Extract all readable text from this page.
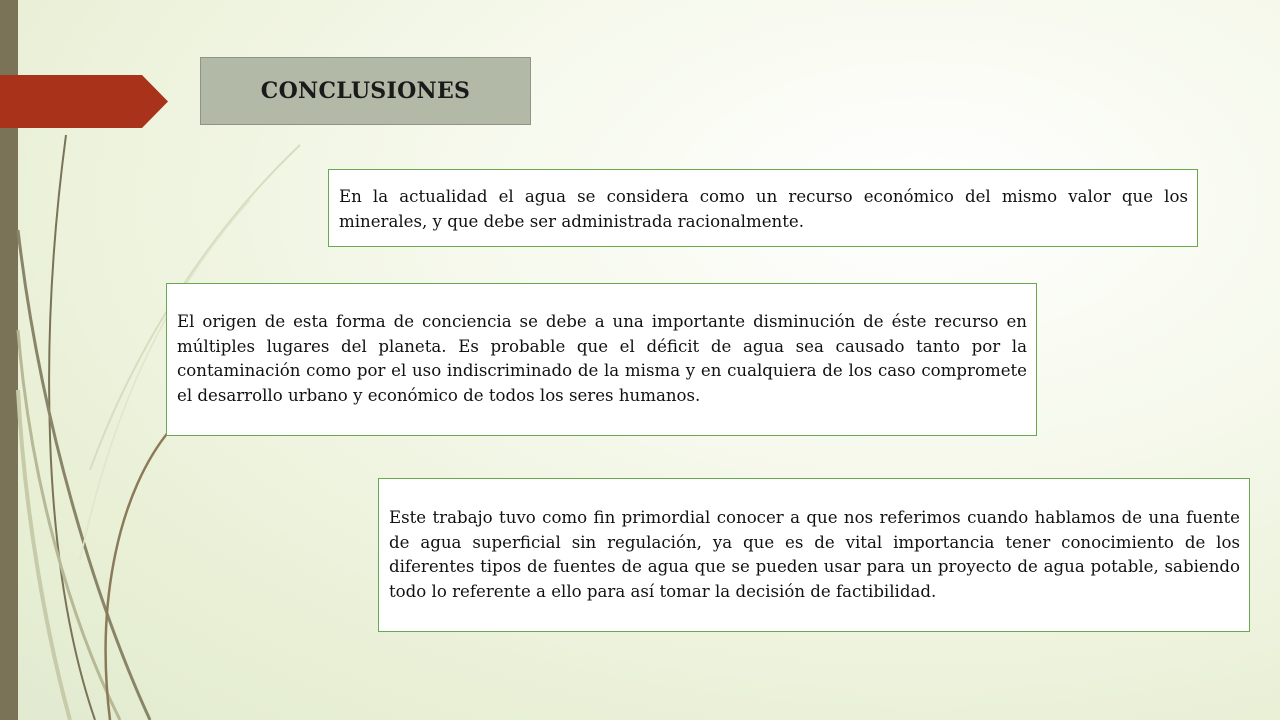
CONCLUSIONES

En la actualidad el agua se considera como un recurso económico del mismo valor que los minerales, y que debe ser administrada racionalmente.

El origen de esta forma de conciencia se debe a una importante disminución de éste recurso en múltiples lugares del planeta. Es probable que el déficit de agua sea causado tanto por la contaminación como por el uso indiscriminado de la misma y en cualquiera de los caso compromete el desarrollo urbano y económico de todos los seres humanos.

Este trabajo tuvo como fin primordial conocer a que nos referimos cuando hablamos de una fuente de agua superficial sin regulación, ya que es de vital importancia tener conocimiento de los diferentes tipos de fuentes de agua que se pueden usar para un proyecto de agua potable, sabiendo todo lo referente a ello para así tomar la decisión de factibilidad.
